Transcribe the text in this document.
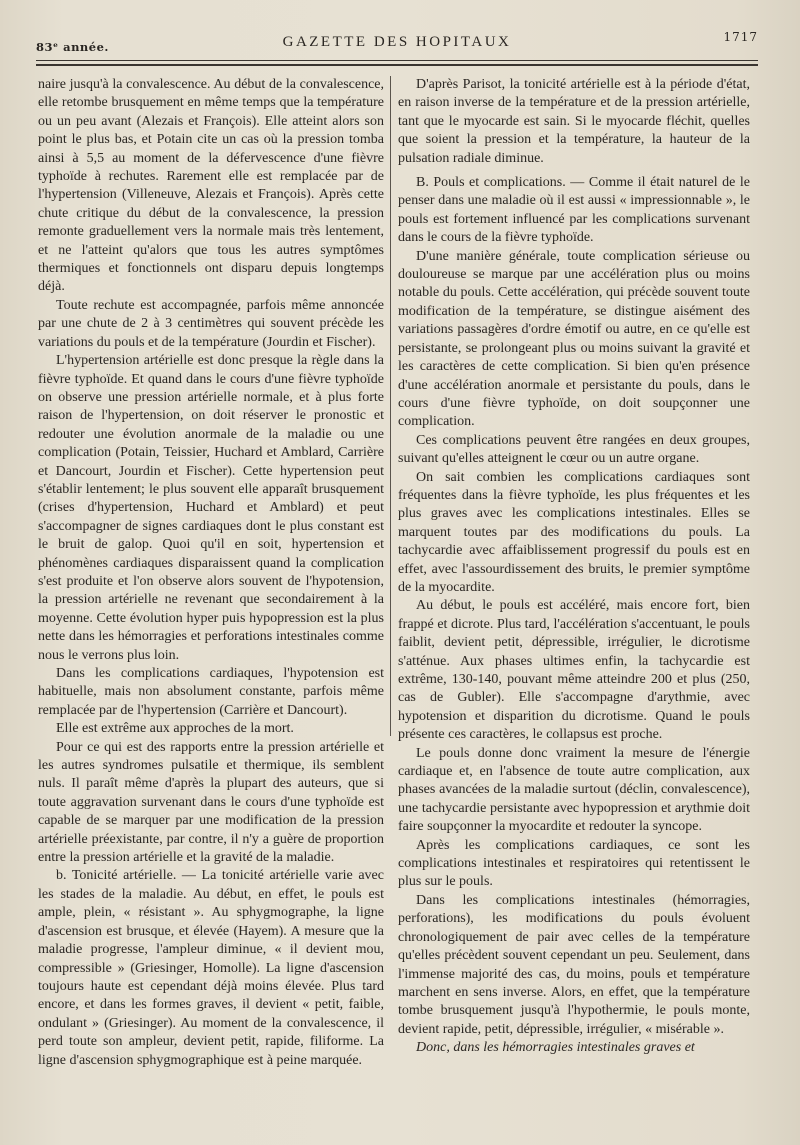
83ᵉ année.	GAZETTE DES HOPITAUX	1717

naire jusqu'à la convalescence. Au début de la convalescence, elle retombe brusquement en même temps que la température ou un peu avant (Alezais et François). Elle atteint alors son point le plus bas, et Potain cite un cas où la pression tomba ainsi à 5,5 au moment de la défervescence d'une fièvre typhoïde à rechutes. Rarement elle est remplacée par de l'hypertension (Villeneuve, Alezais et François). Après cette chute critique du début de la convalescence, la pression remonte graduellement vers la normale mais très lentement, et ne l'atteint qu'alors que tous les autres symptômes thermiques et fonctionnels ont disparu depuis longtemps déjà.

Toute rechute est accompagnée, parfois même annoncée par une chute de 2 à 3 centimètres qui souvent précède les variations du pouls et de la température (Jourdin et Fischer).

L'hypertension artérielle est donc presque la règle dans la fièvre typhoïde. Et quand dans le cours d'une fièvre typhoïde on observe une pression artérielle normale, et à plus forte raison de l'hypertension, on doit réserver le pronostic et redouter une évolution anormale de la maladie ou une complication (Potain, Teissier, Huchard et Amblard, Carrière et Dancourt, Jourdin et Fischer). Cette hypertension peut s'établir lentement; le plus souvent elle apparaît brusquement (crises d'hypertension, Huchard et Amblard) et peut s'accompagner de signes cardiaques dont le plus constant est le bruit de galop. Quoi qu'il en soit, hypertension et phénomènes cardiaques disparaissent quand la complication s'est produite et l'on observe alors souvent de l'hypotension, la pression artérielle ne revenant que secondairement à la moyenne. Cette évolution hyper puis hypopression est la plus nette dans les hémorragies et perforations intestinales comme nous le verrons plus loin.

Dans les complications cardiaques, l'hypotension est habituelle, mais non absolument constante, parfois même remplacée par de l'hypertension (Carrière et Dancourt).

Elle est extrême aux approches de la mort.

Pour ce qui est des rapports entre la pression artérielle et les autres syndromes pulsatile et thermique, ils semblent nuls. Il paraît même d'après la plupart des auteurs, que si toute aggravation survenant dans le cours d'une typhoïde est capable de se marquer par une modification de la pression artérielle préexistante, par contre, il n'y a guère de proportion entre la pression artérielle et la gravité de la maladie.

b. Tonicité artérielle. — La tonicité artérielle varie avec les stades de la maladie. Au début, en effet, le pouls est ample, plein, « résistant ». Au sphygmographe, la ligne d'ascension est brusque, et élevée (Hayem). A mesure que la maladie progresse, l'ampleur diminue, « il devient mou, compressible » (Griesinger, Homolle). La ligne d'ascension toujours haute est cependant déjà moins élevée. Plus tard encore, et dans les formes graves, il devient « petit, faible, ondulant » (Griesinger). Au moment de la convalescence, il perd toute son ampleur, devient petit, rapide, filiforme. La ligne d'ascension sphygmographique est à peine marquée.

D'après Parisot, la tonicité artérielle est à la période d'état, en raison inverse de la température et de la pression artérielle, tant que le myocarde est sain. Si le myocarde fléchit, quelles que soient la pression et la température, la hauteur de la pulsation radiale diminue.

B. Pouls et complications. — Comme il était naturel de le penser dans une maladie où il est aussi « impressionnable », le pouls est fortement influencé par les complications survenant dans le cours de la fièvre typhoïde.

D'une manière générale, toute complication sérieuse ou douloureuse se marque par une accélération plus ou moins notable du pouls. Cette accélération, qui précède souvent toute modification de la température, se distingue aisément des variations passagères d'ordre émotif ou autre, en ce qu'elle est persistante, se prolongeant plus ou moins suivant la gravité et les caractères de cette complication. Si bien qu'en présence d'une accélération anormale et persistante du pouls, dans le cours d'une fièvre typhoïde, on doit soupçonner une complication.

Ces complications peuvent être rangées en deux groupes, suivant qu'elles atteignent le cœur ou un autre organe.

On sait combien les complications cardiaques sont fréquentes dans la fièvre typhoïde, les plus fréquentes et les plus graves avec les complications intestinales. Elles se marquent toutes par des modifications du pouls. La tachycardie avec affaiblissement progressif du pouls est en effet, avec l'assourdissement des bruits, le premier symptôme de la myocardite.

Au début, le pouls est accéléré, mais encore fort, bien frappé et dicrote. Plus tard, l'accélération s'accentuant, le pouls faiblit, devient petit, dépressible, irrégulier, le dicrotisme s'atténue. Aux phases ultimes enfin, la tachycardie est extrême, 130-140, pouvant même atteindre 200 et plus (250, cas de Gubler). Elle s'accompagne d'arythmie, avec hypotension et disparition du dicrotisme. Quand le pouls présente ces caractères, le collapsus est proche.

Le pouls donne donc vraiment la mesure de l'énergie cardiaque et, en l'absence de toute autre complication, aux phases avancées de la maladie surtout (déclin, convalescence), une tachycardie persistante avec hypopression et arythmie doit faire soupçonner la myocardite et redouter la syncope.

Après les complications cardiaques, ce sont les complications intestinales et respiratoires qui retentissent le plus sur le pouls.

Dans les complications intestinales (hémorragies, perforations), les modifications du pouls évoluent chronologiquement de pair avec celles de la température qu'elles précèdent souvent cependant un peu. Seulement, dans l'immense majorité des cas, du moins, pouls et température marchent en sens inverse. Alors, en effet, que la température tombe brusquement jusqu'à l'hypothermie, le pouls monte, devient rapide, petit, dépressible, irrégulier, « misérable ».

Donc, dans les hémorragies intestinales graves et
